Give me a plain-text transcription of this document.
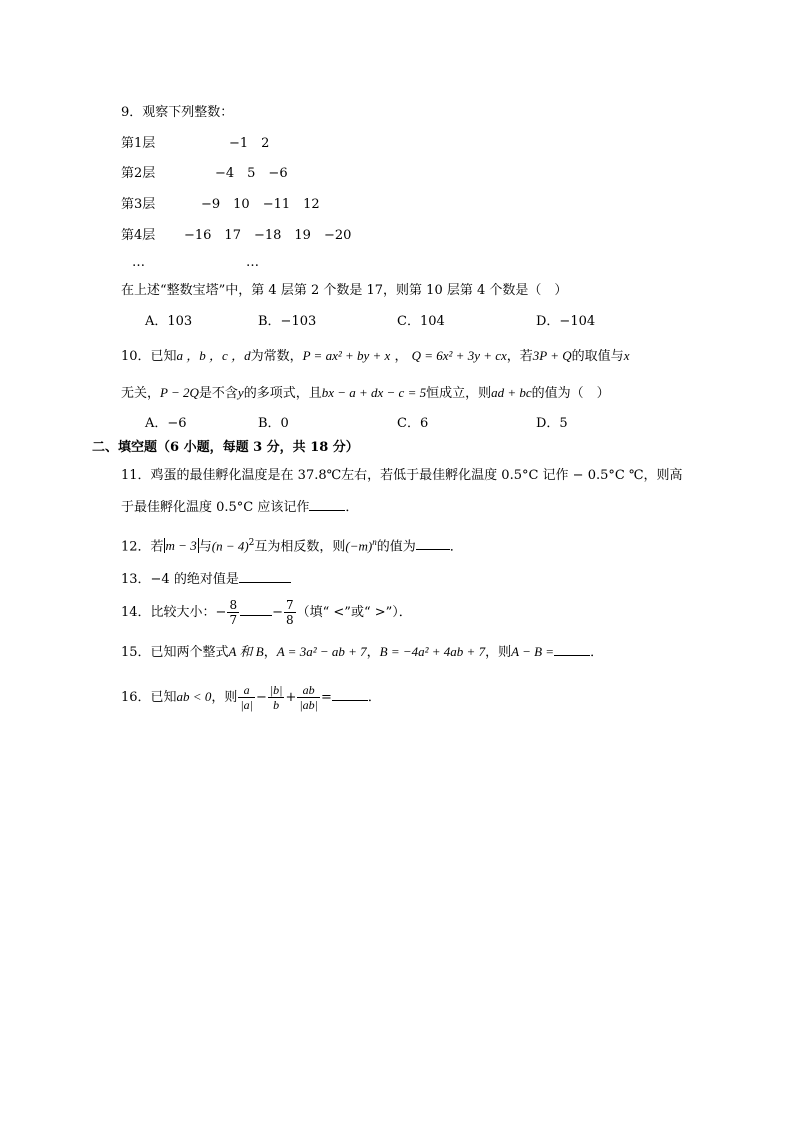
9．观察下列整数：
第1层	−1　2
第2层	−4　5　−6
第3层	−9　10　−11　12
第4层 −16　17　−18　19　−20
…	…
在上述“整数宝塔”中，第 4 层第 2 个数是 17，则第 10 层第 4 个数是（　）
A．103	B．−103	C．104	D．−104
10．已知a ，b ，c ，d为常数，P = ax² + by + x ， Q = 6x² + 3y + cx，若3P + Q的取值与x
无关，P − 2Q是不含y的多项式，且bx − a + dx − c = 5恒成立，则ad + bc的值为（　）
A．−6	B．0	C．6	D．5
二、填空题（6 小题，每题 3 分，共 18 分）
11．鸡蛋的最佳孵化温度是在 37.8℃左右，若低于最佳孵化温度 0.5°C 记作 − 0.5°C ℃，则高
于最佳孵化温度 0.5°C 应该记作	．
12．若 m − 3 与$(n - 4)^2$互为相反数，则$(-m)^n$的值为	．
13．−4 的绝对值是
14．比较大小：− $\frac{8}{7}$	− $\frac{7}{8}$ （填“ <”或“ >”）．
15．已知两个整式A 和 B，A = 3a² − ab + 7，B = −4a² + 4ab + 7，则A − B =	．
16．已知ab < 0，则 $\frac{a}{|a|} - \frac{|b|}{b} + \frac{ab}{|ab|}$ =	．
